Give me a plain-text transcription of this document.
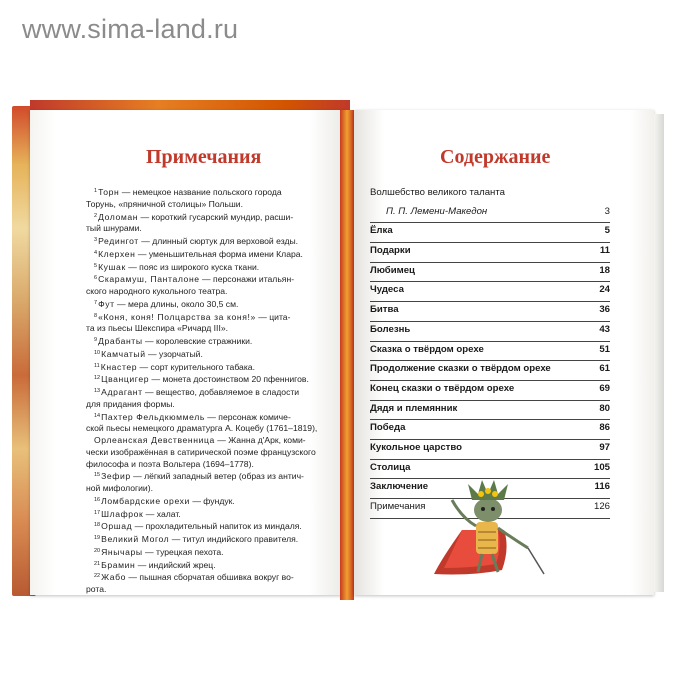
www.sima-land.ru
Примечания	Содержание
$^1$Торн — немецкое название польского города
Торунь, «пряничной столицы» Польши.
$^2$Доломан — короткий гусарский мундир, расши-
тый шнурами.
$^3$Редингот — длинный сюртук для верховой езды.
$^4$Клерхен — уменьшительная форма имени Клара.
$^5$Кушак — пояс из широкого куска ткани.
$^6$Скарамуш, Панталоне — персонажи итальян-
ского народного кукольного театра.
$^7$Фут — мера длины, около 30,5 см.
$^8$«Коня, коня! Полцарства за коня!» — цита-
та из пьесы Шекспира «Ричард III».
$^9$Драбанты — королевские стражники.
$^{10}$Камчатый — узорчатый.
$^{11}$Кнастер — сорт курительного табака.
$^{12}$Цванцигер — монета достоинством 20 пфеннигов.
$^{13}$Адрагант — вещество, добавляемое в сладости
для придания формы.
$^{14}$Пахтер Фельдкюммель — персонаж комиче-
ской пьесы немецкого драматурга А. Коцебу (1761–1819),
Орлеанская Девственница — Жанна д'Арк, коми-
чески изображённая в сатирической поэме французского
философа и поэта Вольтера (1694–1778).
$^{15}$Зефир — лёгкий западный ветер (образ из антич-
ной мифологии).
$^{16}$Ломбардские орехи — фундук.
$^{17}$Шлафрок — халат.
$^{18}$Оршад — прохладительный напиток из миндаля.
$^{19}$Великий Могол — титул индийского правителя.
$^{20}$Янычары — турецкая пехота.
$^{21}$Брамин — индийский жрец.
$^{22}$Жабо — пышная сборчатая обшивка вокруг во-
рота.
Волшебство великого таланта
П. П. Лемени-Македон	3
Ёлка	5
Подарки	11
Любимец	18
Чудеса	24
Битва	36
Болезнь	43
Сказка о твёрдом орехе	51
Продолжение сказки о твёрдом орехе	61
Конец сказки о твёрдом орехе	69
Дядя и племянник	80
Победа	86
Кукольное царство	97
Столица	105
Заключение	116
Примечания	126
